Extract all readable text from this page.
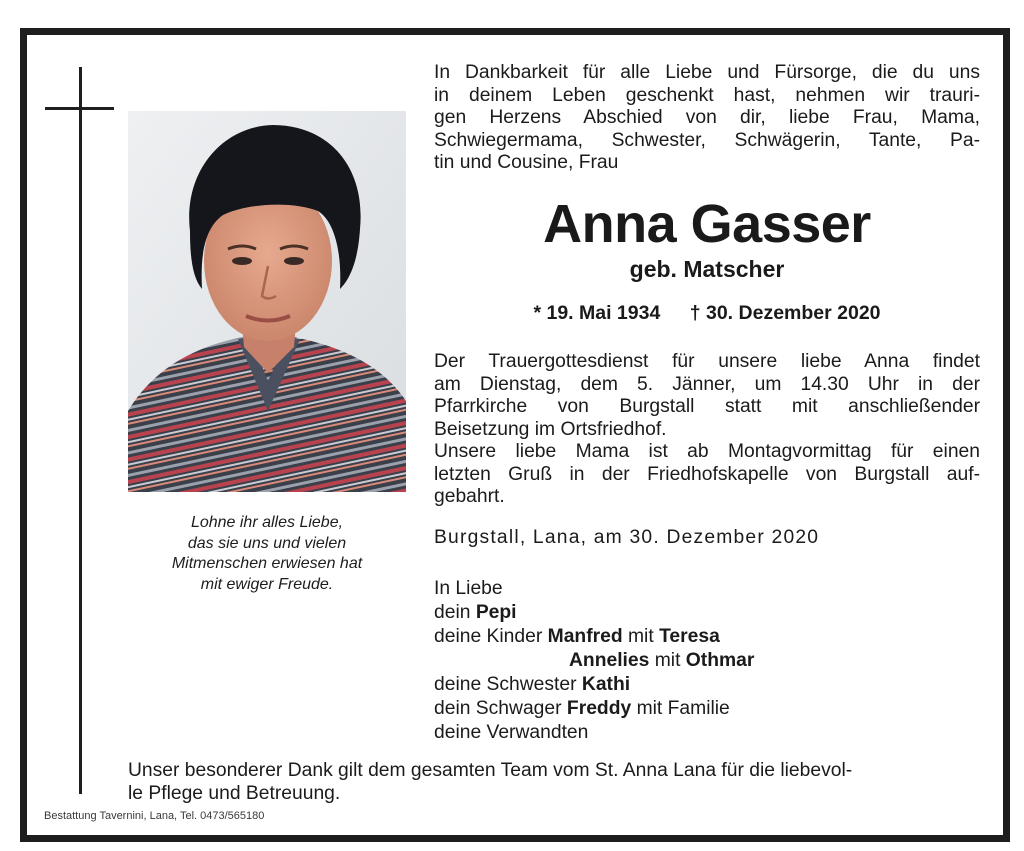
Lohne ihr alles Liebe,
das sie uns und vielen
Mitmenschen erwiesen hat
mit ewiger Freude.
In Dankbarkeit für alle Liebe und Fürsorge, die du uns
in deinem Leben geschenkt hast, nehmen wir trauri-
gen Herzens Abschied von dir, liebe Frau, Mama,
Schwiegermama, Schwester, Schwägerin, Tante, Pa-
tin und Cousine, Frau
Anna Gasser
geb. Matscher
* 19. Mai 1934 † 30. Dezember 2020
Der Trauergottesdienst für unsere liebe Anna findet
am Dienstag, dem 5. Jänner, um 14.30 Uhr in der
Pfarrkirche von Burgstall statt mit anschließender
Beisetzung im Ortsfriedhof.
Unsere liebe Mama ist ab Montagvormittag für einen
letzten Gruß in der Friedhofskapelle von Burgstall auf-
gebahrt.
Burgstall, Lana, am 30. Dezember 2020
In Liebe
dein Pepi
deine Kinder Manfred mit Teresa
Annelies mit Othmar
deine Schwester Kathi
dein Schwager Freddy mit Familie
deine Verwandten
Unser besonderer Dank gilt dem gesamten Team vom St. Anna Lana für die liebevol-
le Pflege und Betreuung.
Bestattung Tavernini, Lana, Tel. 0473/565180
